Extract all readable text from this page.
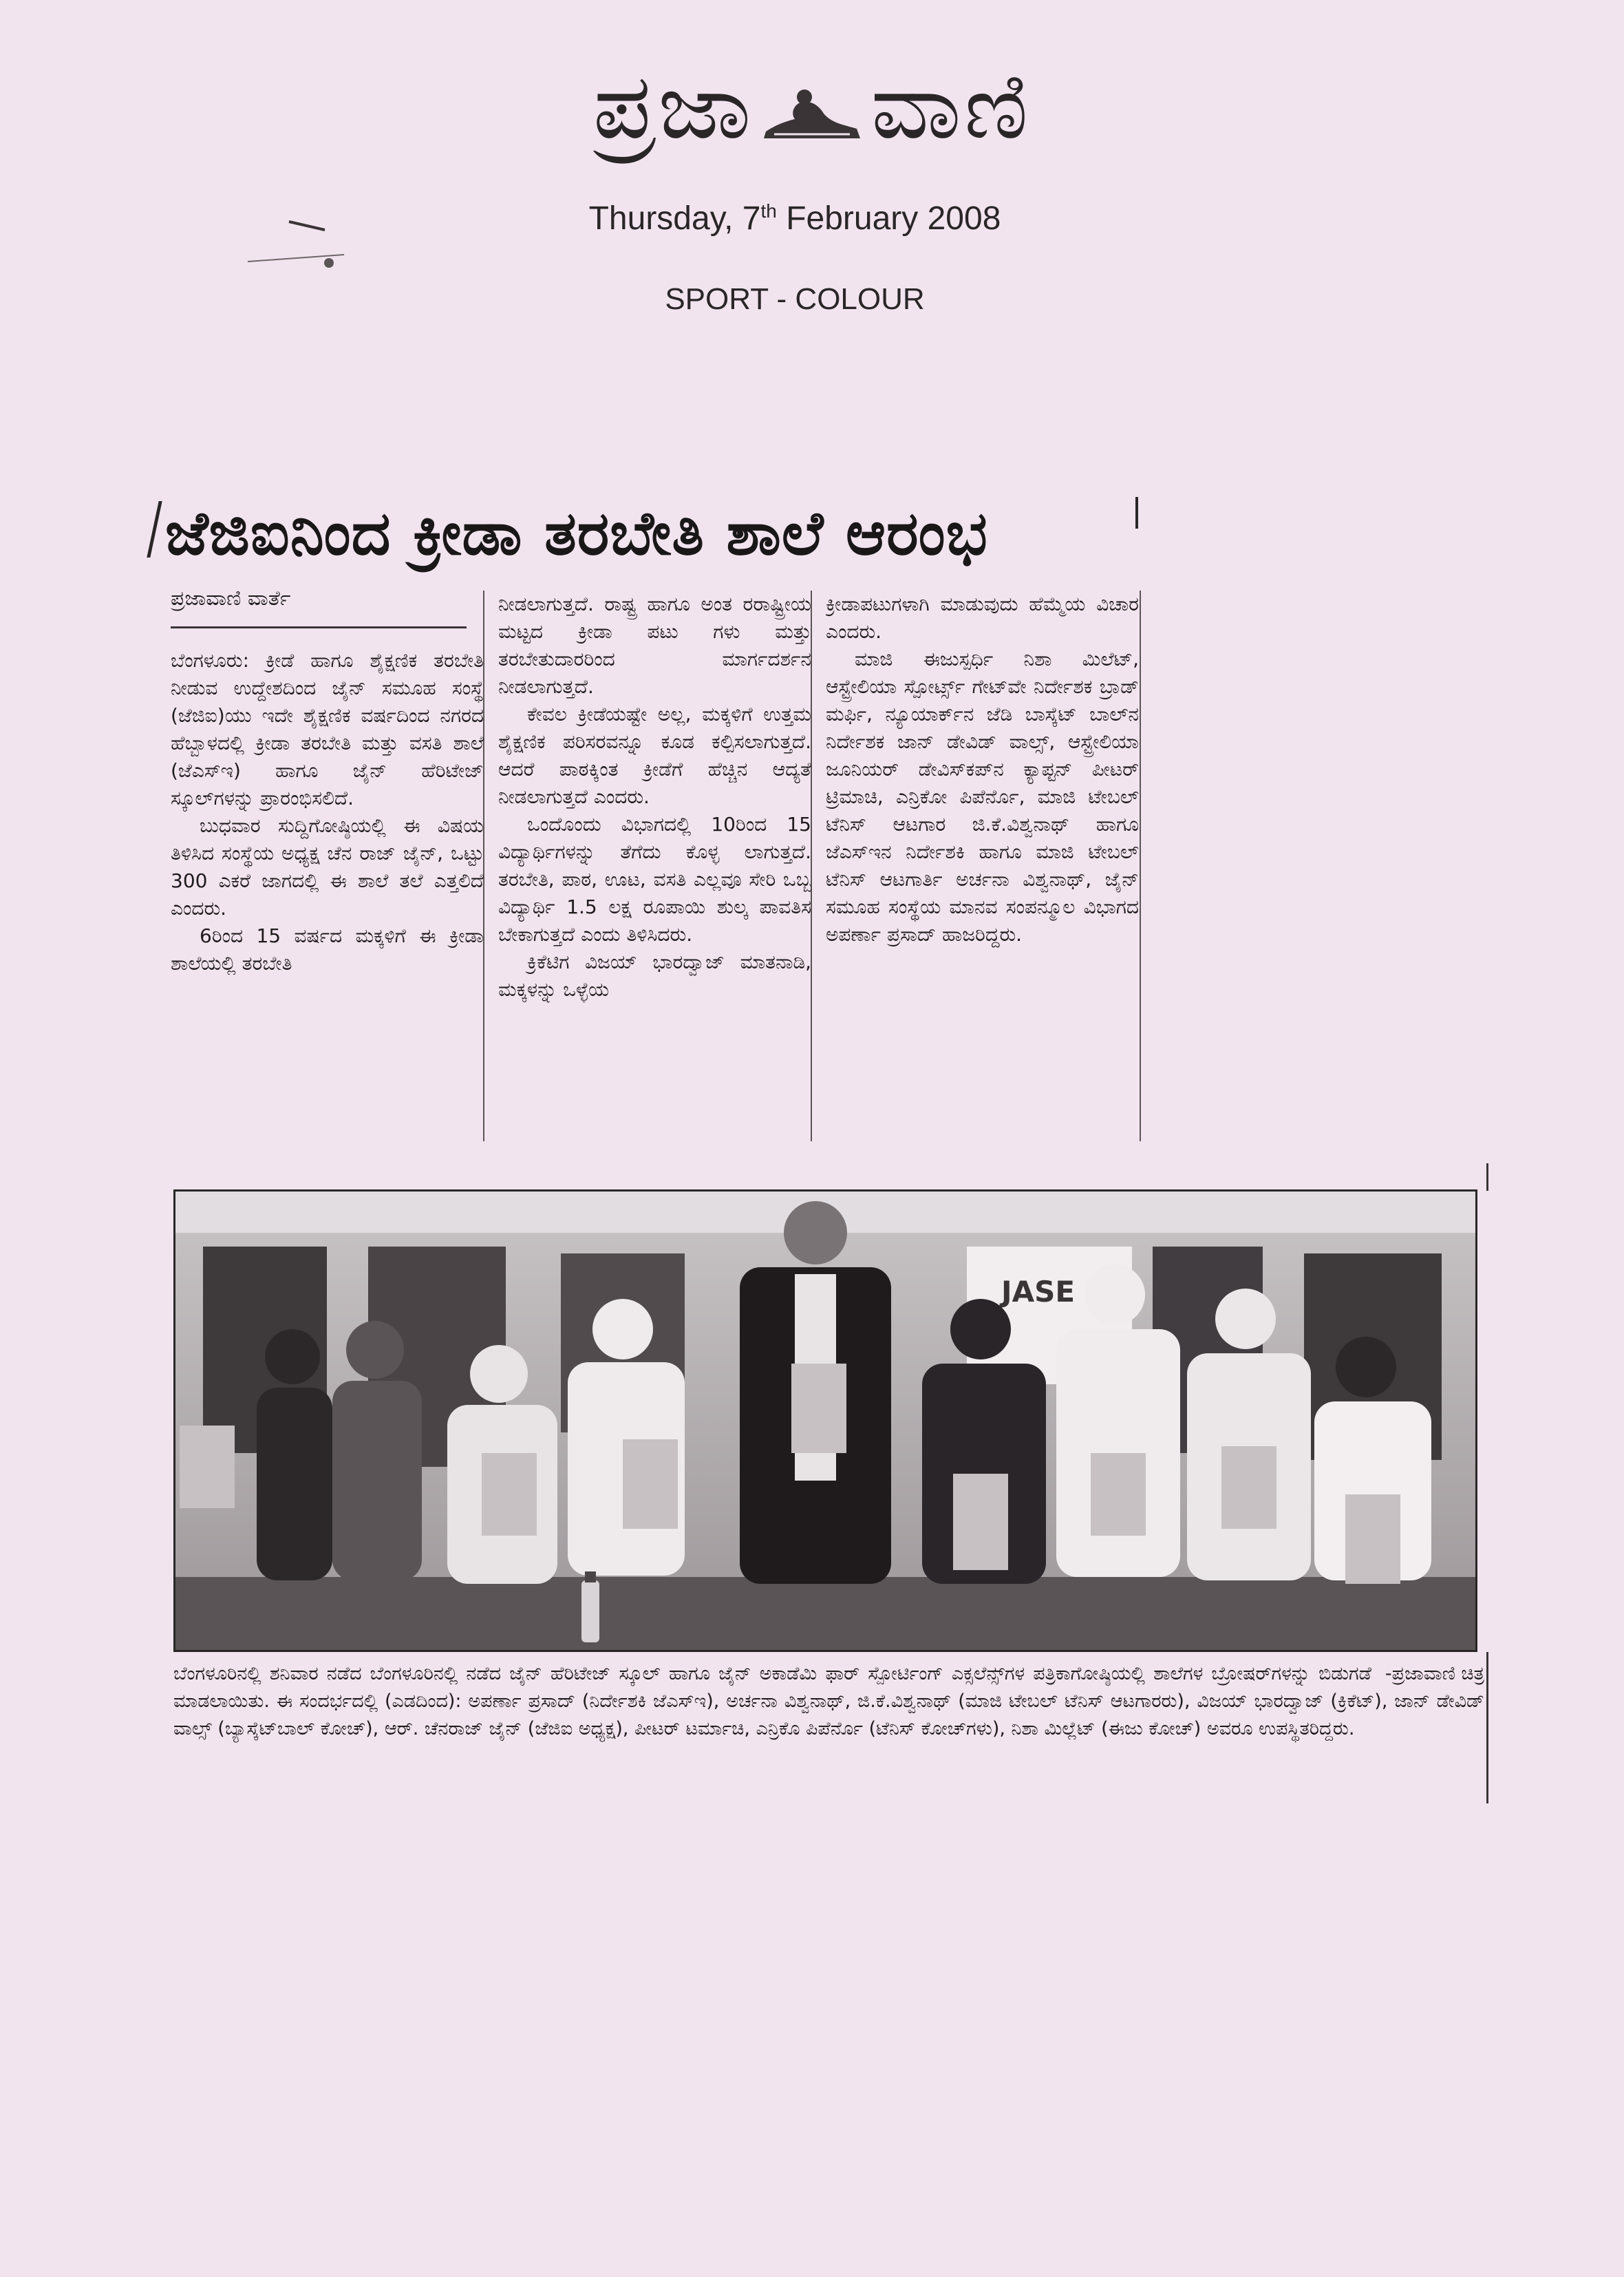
ಪ್ರಜಾ ವಾಣಿ
Thursday, 7th February 2008
SPORT - COLOUR
ಜೆಜಿಐನಿಂದ ಕ್ರೀಡಾ ತರಬೇತಿ ಶಾಲೆ ಆರಂಭ
ಪ್ರಜಾವಾಣಿ ವಾರ್ತೆ

ಬೆಂಗಳೂರು: ಕ್ರೀಡೆ ಹಾಗೂ ಶೈಕ್ಷಣಿಕ ತರಬೇತಿ ನೀಡುವ ಉದ್ದೇಶದಿಂದ ಜೈನ್ ಸಮೂಹ ಸಂಸ್ಥೆ (ಜೆಜಿಐ)ಯು ಇದೇ ಶೈಕ್ಷಣಿಕ ವರ್ಷದಿಂದ ನಗರದ ಹೆಬ್ಬಾಳದಲ್ಲಿ ಕ್ರೀಡಾ ತರಬೇತಿ ಮತ್ತು ವಸತಿ ಶಾಲೆ (ಜೆಎಸ್ಇ) ಹಾಗೂ ಜೈನ್ ಹೆರಿಟೇಜ್ ಸ್ಕೂಲ್‌ಗಳನ್ನು ಪ್ರಾರಂಭಿಸಲಿದೆ.

ಬುಧವಾರ ಸುದ್ದಿಗೋಷ್ಠಿಯಲ್ಲಿ ಈ ವಿಷಯ ತಿಳಿಸಿದ ಸಂಸ್ಥೆಯ ಅಧ್ಯಕ್ಷ ಚೆನ ರಾಜ್ ಜೈನ್, ಒಟ್ಟು 300 ಎಕರೆ ಜಾಗದಲ್ಲಿ ಈ ಶಾಲೆ ತಲೆ ಎತ್ತಲಿದೆ ಎಂದರು.

6ರಿಂದ 15 ವರ್ಷದ ಮಕ್ಕಳಿಗೆ ಈ ಕ್ರೀಡಾ ಶಾಲೆಯಲ್ಲಿ ತರಬೇತಿ

ನೀಡಲಾಗುತ್ತದೆ. ರಾಷ್ಟ್ರ ಹಾಗೂ ಅಂತ ರರಾಷ್ಟ್ರೀಯ ಮಟ್ಟದ ಕ್ರೀಡಾ ಪಟು ಗಳು ಮತ್ತು ತರಬೇತುದಾರರಿಂದ ಮಾರ್ಗದರ್ಶನ ನೀಡಲಾಗುತ್ತದೆ.

ಕೇವಲ ಕ್ರೀಡೆಯಷ್ಟೇ ಅಲ್ಲ, ಮಕ್ಕಳಿಗೆ ಉತ್ತಮ ಶೈಕ್ಷಣಿಕ ಪರಿಸರವನ್ನೂ ಕೂಡ ಕಲ್ಪಿಸಲಾಗುತ್ತದೆ. ಆದರೆ ಪಾಠಕ್ಕಿಂತ ಕ್ರೀಡೆಗೆ ಹೆಚ್ಚಿನ ಆದ್ಯತೆ ನೀಡಲಾಗುತ್ತದೆ ಎಂದರು.

ಒಂದೊಂದು ವಿಭಾಗದಲ್ಲಿ 10ರಿಂದ 15 ವಿದ್ಯಾರ್ಥಿಗಳನ್ನು ತೆಗೆದು ಕೊಳ್ಳ ಲಾಗುತ್ತದೆ. ತರಬೇತಿ, ಪಾಠ, ಊಟ, ವಸತಿ ಎಲ್ಲವೂ ಸೇರಿ ಒಬ್ಬ ವಿದ್ಯಾರ್ಥಿ 1.5 ಲಕ್ಷ ರೂಪಾಯಿ ಶುಲ್ಕ ಪಾವತಿಸ ಬೇಕಾಗುತ್ತದೆ ಎಂದು ತಿಳಿಸಿದರು.

ಕ್ರಿಕೆಟಿಗ ವಿಜಯ್ ಭಾರದ್ವಾಜ್ ಮಾತನಾಡಿ, ಮಕ್ಕಳನ್ನು ಒಳ್ಳೆಯ

ಕ್ರೀಡಾಪಟುಗಳಾಗಿ ಮಾಡುವುದು ಹೆಮ್ಮೆಯ ವಿಚಾರ ಎಂದರು.

ಮಾಜಿ ಈಜುಸ್ಪರ್ಧಿ ನಿಶಾ ಮಿಲೆಟ್, ಆಸ್ಟ್ರೇಲಿಯಾ ಸ್ಪೋರ್ಟ್ಸ್ ಗೇಟ್‌ವೇ ನಿರ್ದೇಶಕ ಬ್ರಾಡ್ ಮರ್ಫಿ, ನ್ಯೂಯಾರ್ಕ್‌ನ ಜೆಡಿ ಬಾಸ್ಕೆಟ್ ಬಾಲ್‌ನ ನಿರ್ದೇಶಕ ಜಾನ್ ಡೇವಿಡ್ ವಾಲ್ಸ್, ಆಸ್ಟ್ರೇಲಿಯಾ ಜೂನಿಯರ್ ಡೇವಿಸ್‌ಕಪ್‌ನ ಕ್ಯಾಪ್ಟನ್ ಪೀಟರ್ ಟ್ರಿಮಾಚಿ, ಎನ್ರಿಕೋ ಪಿಪೆರ್ನೊ, ಮಾಜಿ ಟೇಬಲ್ ಟೆನಿಸ್ ಆಟಗಾರ ಜಿ.ಕೆ.ವಿಶ್ವನಾಥ್ ಹಾಗೂ ಜೆಎಸ್‌ಇನ ನಿರ್ದೇಶಕಿ ಹಾಗೂ ಮಾಜಿ ಟೇಬಲ್ ಟೆನಿಸ್ ಆಟಗಾರ್ತಿ ಅರ್ಚನಾ ವಿಶ್ವನಾಥ್, ಜೈನ್ ಸಮೂಹ ಸಂಸ್ಥೆಯ ಮಾನವ ಸಂಪನ್ಮೂಲ ವಿಭಾಗದ ಅಪರ್ಣಾ ಪ್ರಸಾದ್ ಹಾಜರಿದ್ದರು.

JASE
-ಪ್ರಜಾವಾಣಿ ಚಿತ್ರ
ಬೆಂಗಳೂರಿನಲ್ಲಿ ಶನಿವಾರ ನಡೆದ ಬೆಂಗಳೂರಿನಲ್ಲಿ ನಡೆದ ಜೈನ್ ಹೆರಿಟೇಜ್ ಸ್ಕೂಲ್ ಹಾಗೂ ಜೈನ್ ಅಕಾಡೆಮಿ ಫಾರ್ ಸ್ಪೋರ್ಟಿಂಗ್ ಎಕ್ಸಲೆನ್ಸ್‌ಗಳ ಪತ್ರಿಕಾಗೋಷ್ಠಿಯಲ್ಲಿ ಶಾಲೆಗಳ ಬ್ರೋಷರ್‌ಗಳನ್ನು ಬಿಡುಗಡೆ ಮಾಡಲಾಯಿತು. ಈ ಸಂದರ್ಭದಲ್ಲಿ (ಎಡದಿಂದ): ಅಪರ್ಣಾ ಪ್ರಸಾದ್ (ನಿರ್ದೇಶಕಿ ಜೆಎಸ್ಇ), ಅರ್ಚನಾ ವಿಶ್ವನಾಥ್, ಜಿ.ಕೆ.ವಿಶ್ವನಾಥ್ (ಮಾಜಿ ಟೇಬಲ್ ಟೆನಿಸ್ ಆಟಗಾರರು), ವಿಜಯ್ ಭಾರದ್ವಾಜ್ (ಕ್ರಿಕೆಟ್), ಜಾನ್ ಡೇವಿಡ್ ವಾಲ್ಸ್ (ಬ್ಯಾಸ್ಕೆಟ್‌ಬಾಲ್ ಕೋಚ್), ಆರ್. ಚೆನರಾಜ್ ಜೈನ್ (ಜೆಜಿಐ ಅಧ್ಯಕ್ಷ), ಪೀಟರ್ ಟರ್ಮಾಚಿ, ಎನ್ರಿಕೊ ಪಿಪೆರ್ನೊ (ಟೆನಿಸ್ ಕೋಚ್‌ಗಳು), ನಿಶಾ ಮಿಲ್ಲೆಟ್ (ಈಜು ಕೋಚ್) ಅವರೂ ಉಪಸ್ಥಿತರಿದ್ದರು.
